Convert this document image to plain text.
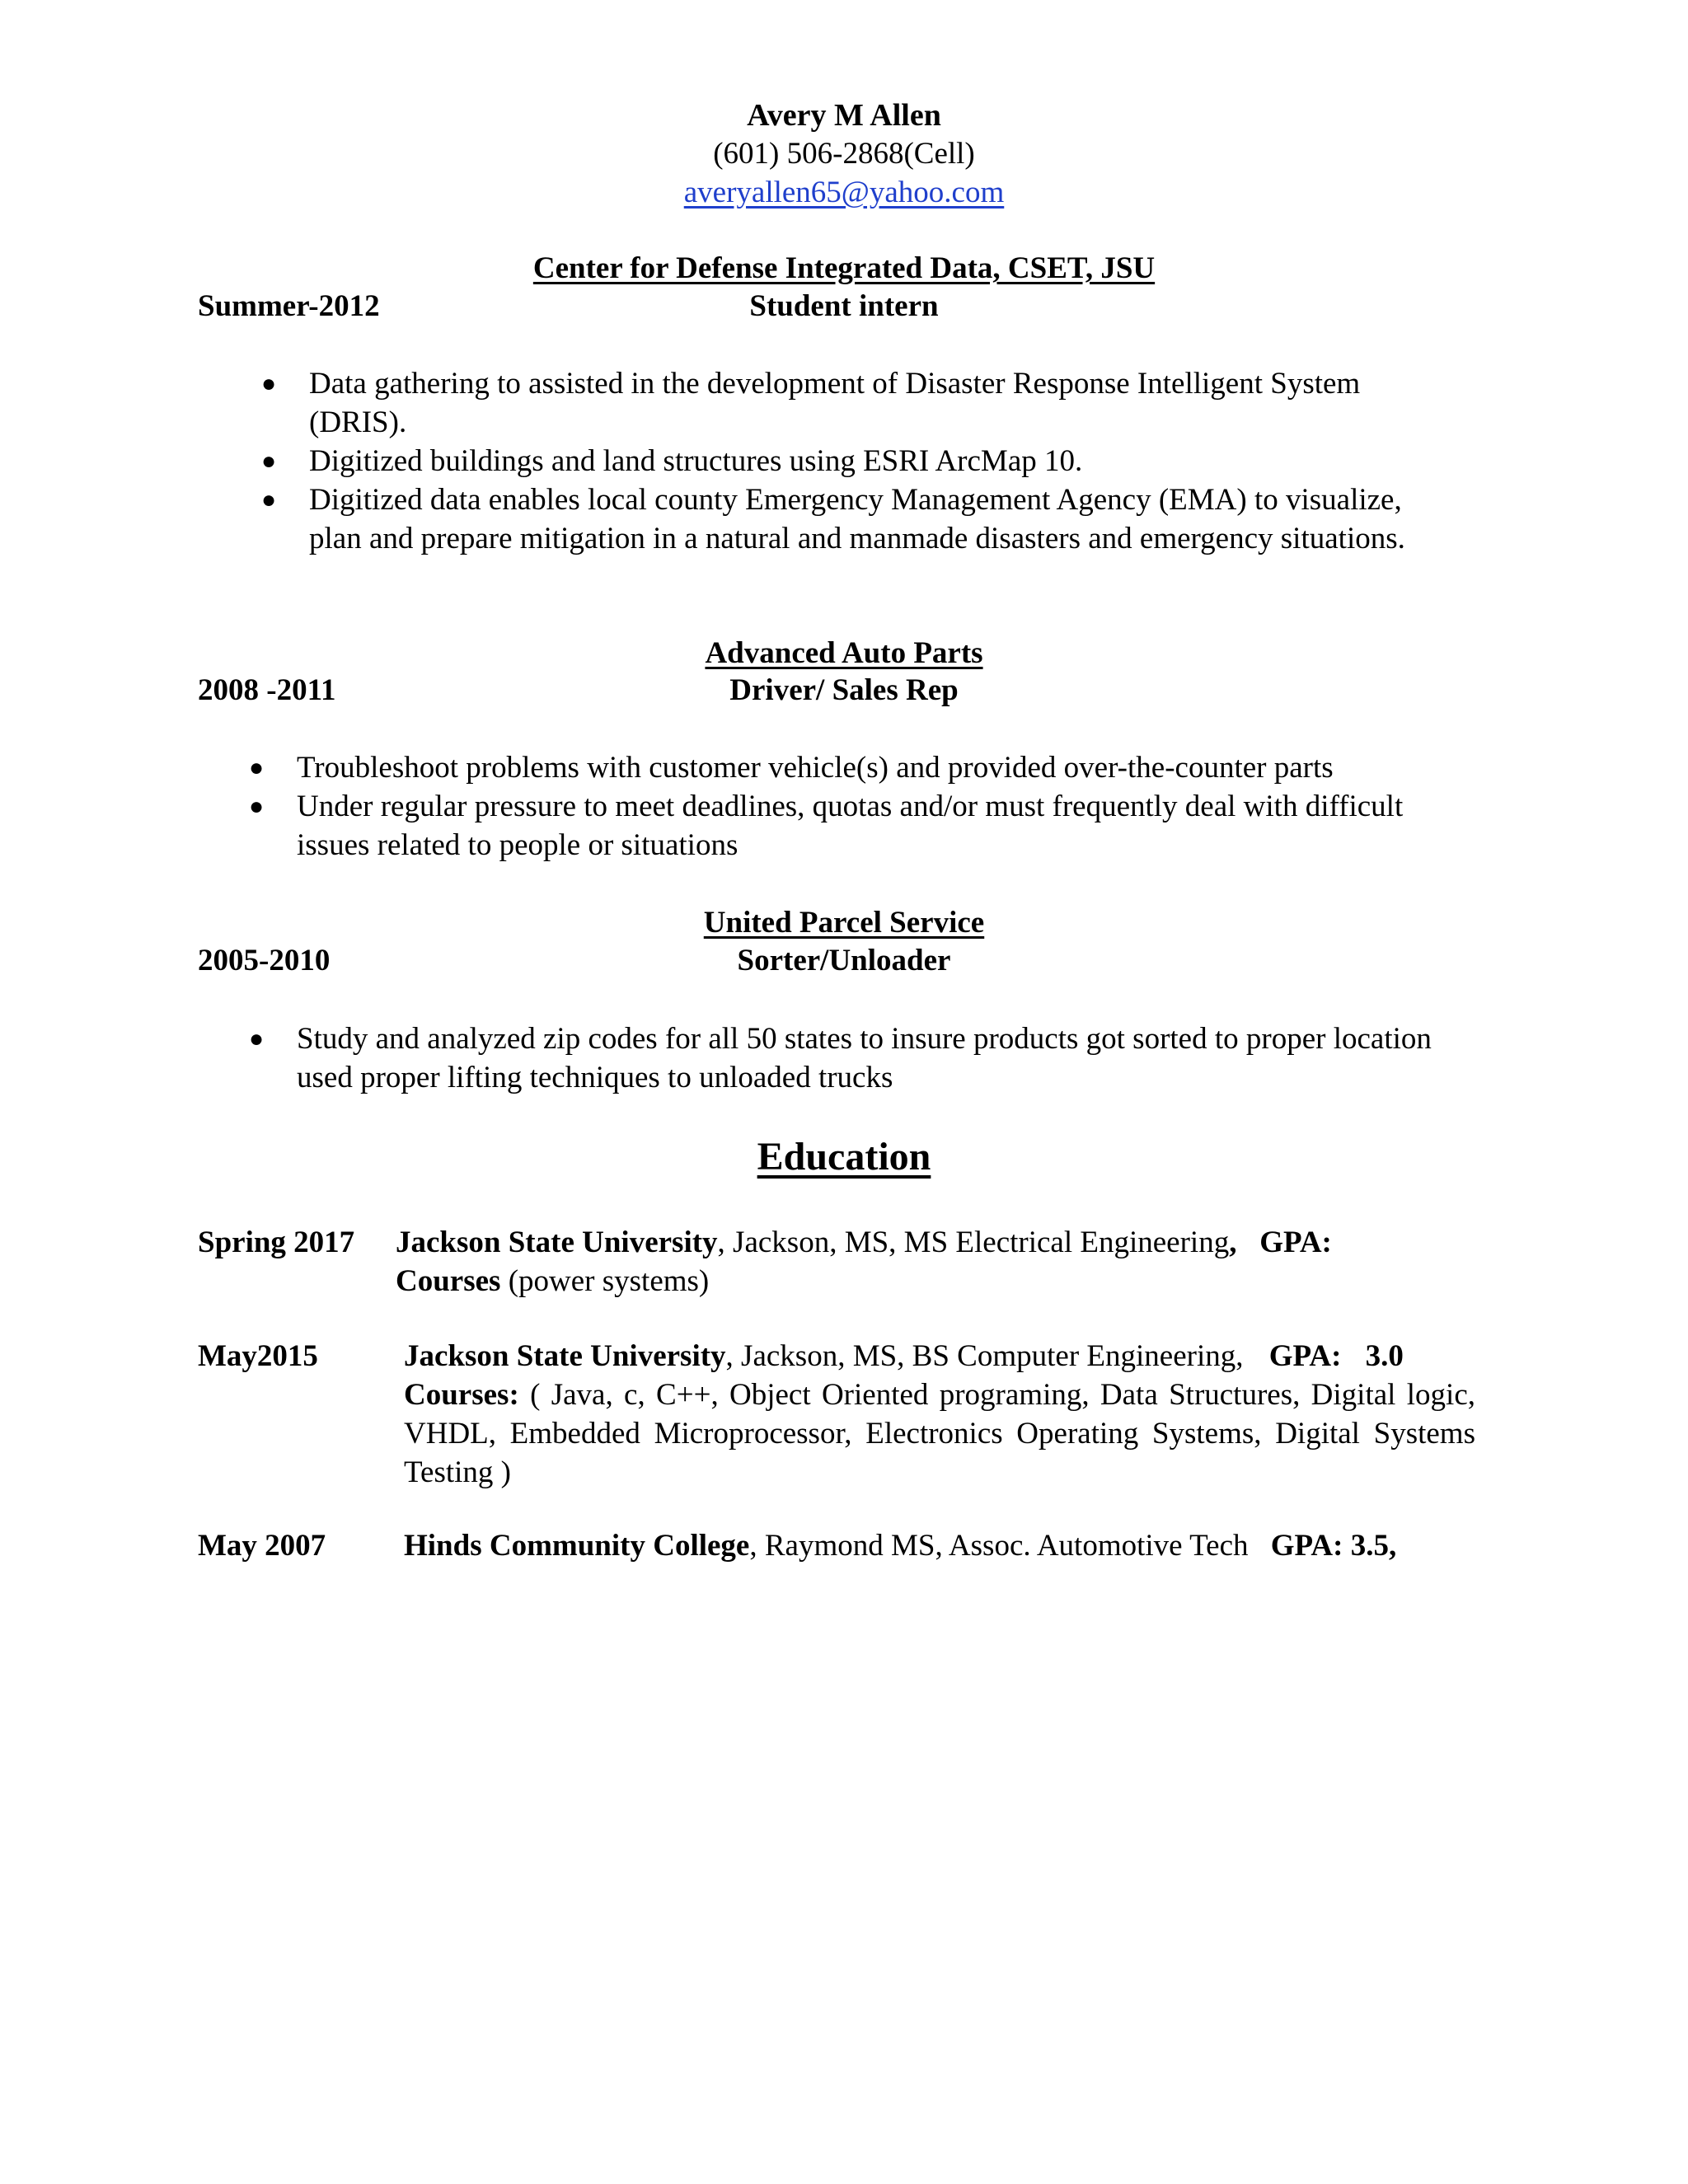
Avery M Allen
(601) 506-2868(Cell)
averyallen65@yahoo.com
Center for Defense Integrated Data, CSET, JSU
Summer-2012	Student intern
● Data gathering to assisted in the development of Disaster Response Intelligent System (DRIS).
● Digitized buildings and land structures using ESRI ArcMap 10.
● Digitized data enables local county Emergency Management Agency (EMA) to visualize, plan and prepare mitigation in a natural and manmade disasters and emergency situations.
Advanced Auto Parts
2008 -2011	Driver/ Sales Rep
● Troubleshoot problems with customer vehicle(s) and provided over-the-counter parts
● Under regular pressure to meet deadlines, quotas and/or must frequently deal with difficult issues related to people or situations
United Parcel Service
2005-2010	Sorter/Unloader
● Study and analyzed zip codes for all 50 states to insure products got sorted to proper location used proper lifting techniques to unloaded trucks
Education
Spring 2017 Jackson State University, Jackson, MS, MS Electrical Engineering,   GPA:
Courses (power systems)
May2015	Jackson State University, Jackson, MS, BS Computer Engineering, GPA: 3.0
Courses: ( Java, c, C++, Object Oriented programing, Data Structures, Digital logic, VHDL, Embedded Microprocessor, Electronics Operating Systems, Digital Systems Testing )
May 2007	Hinds Community College, Raymond MS, Assoc. Automotive Tech GPA: 3.5,
